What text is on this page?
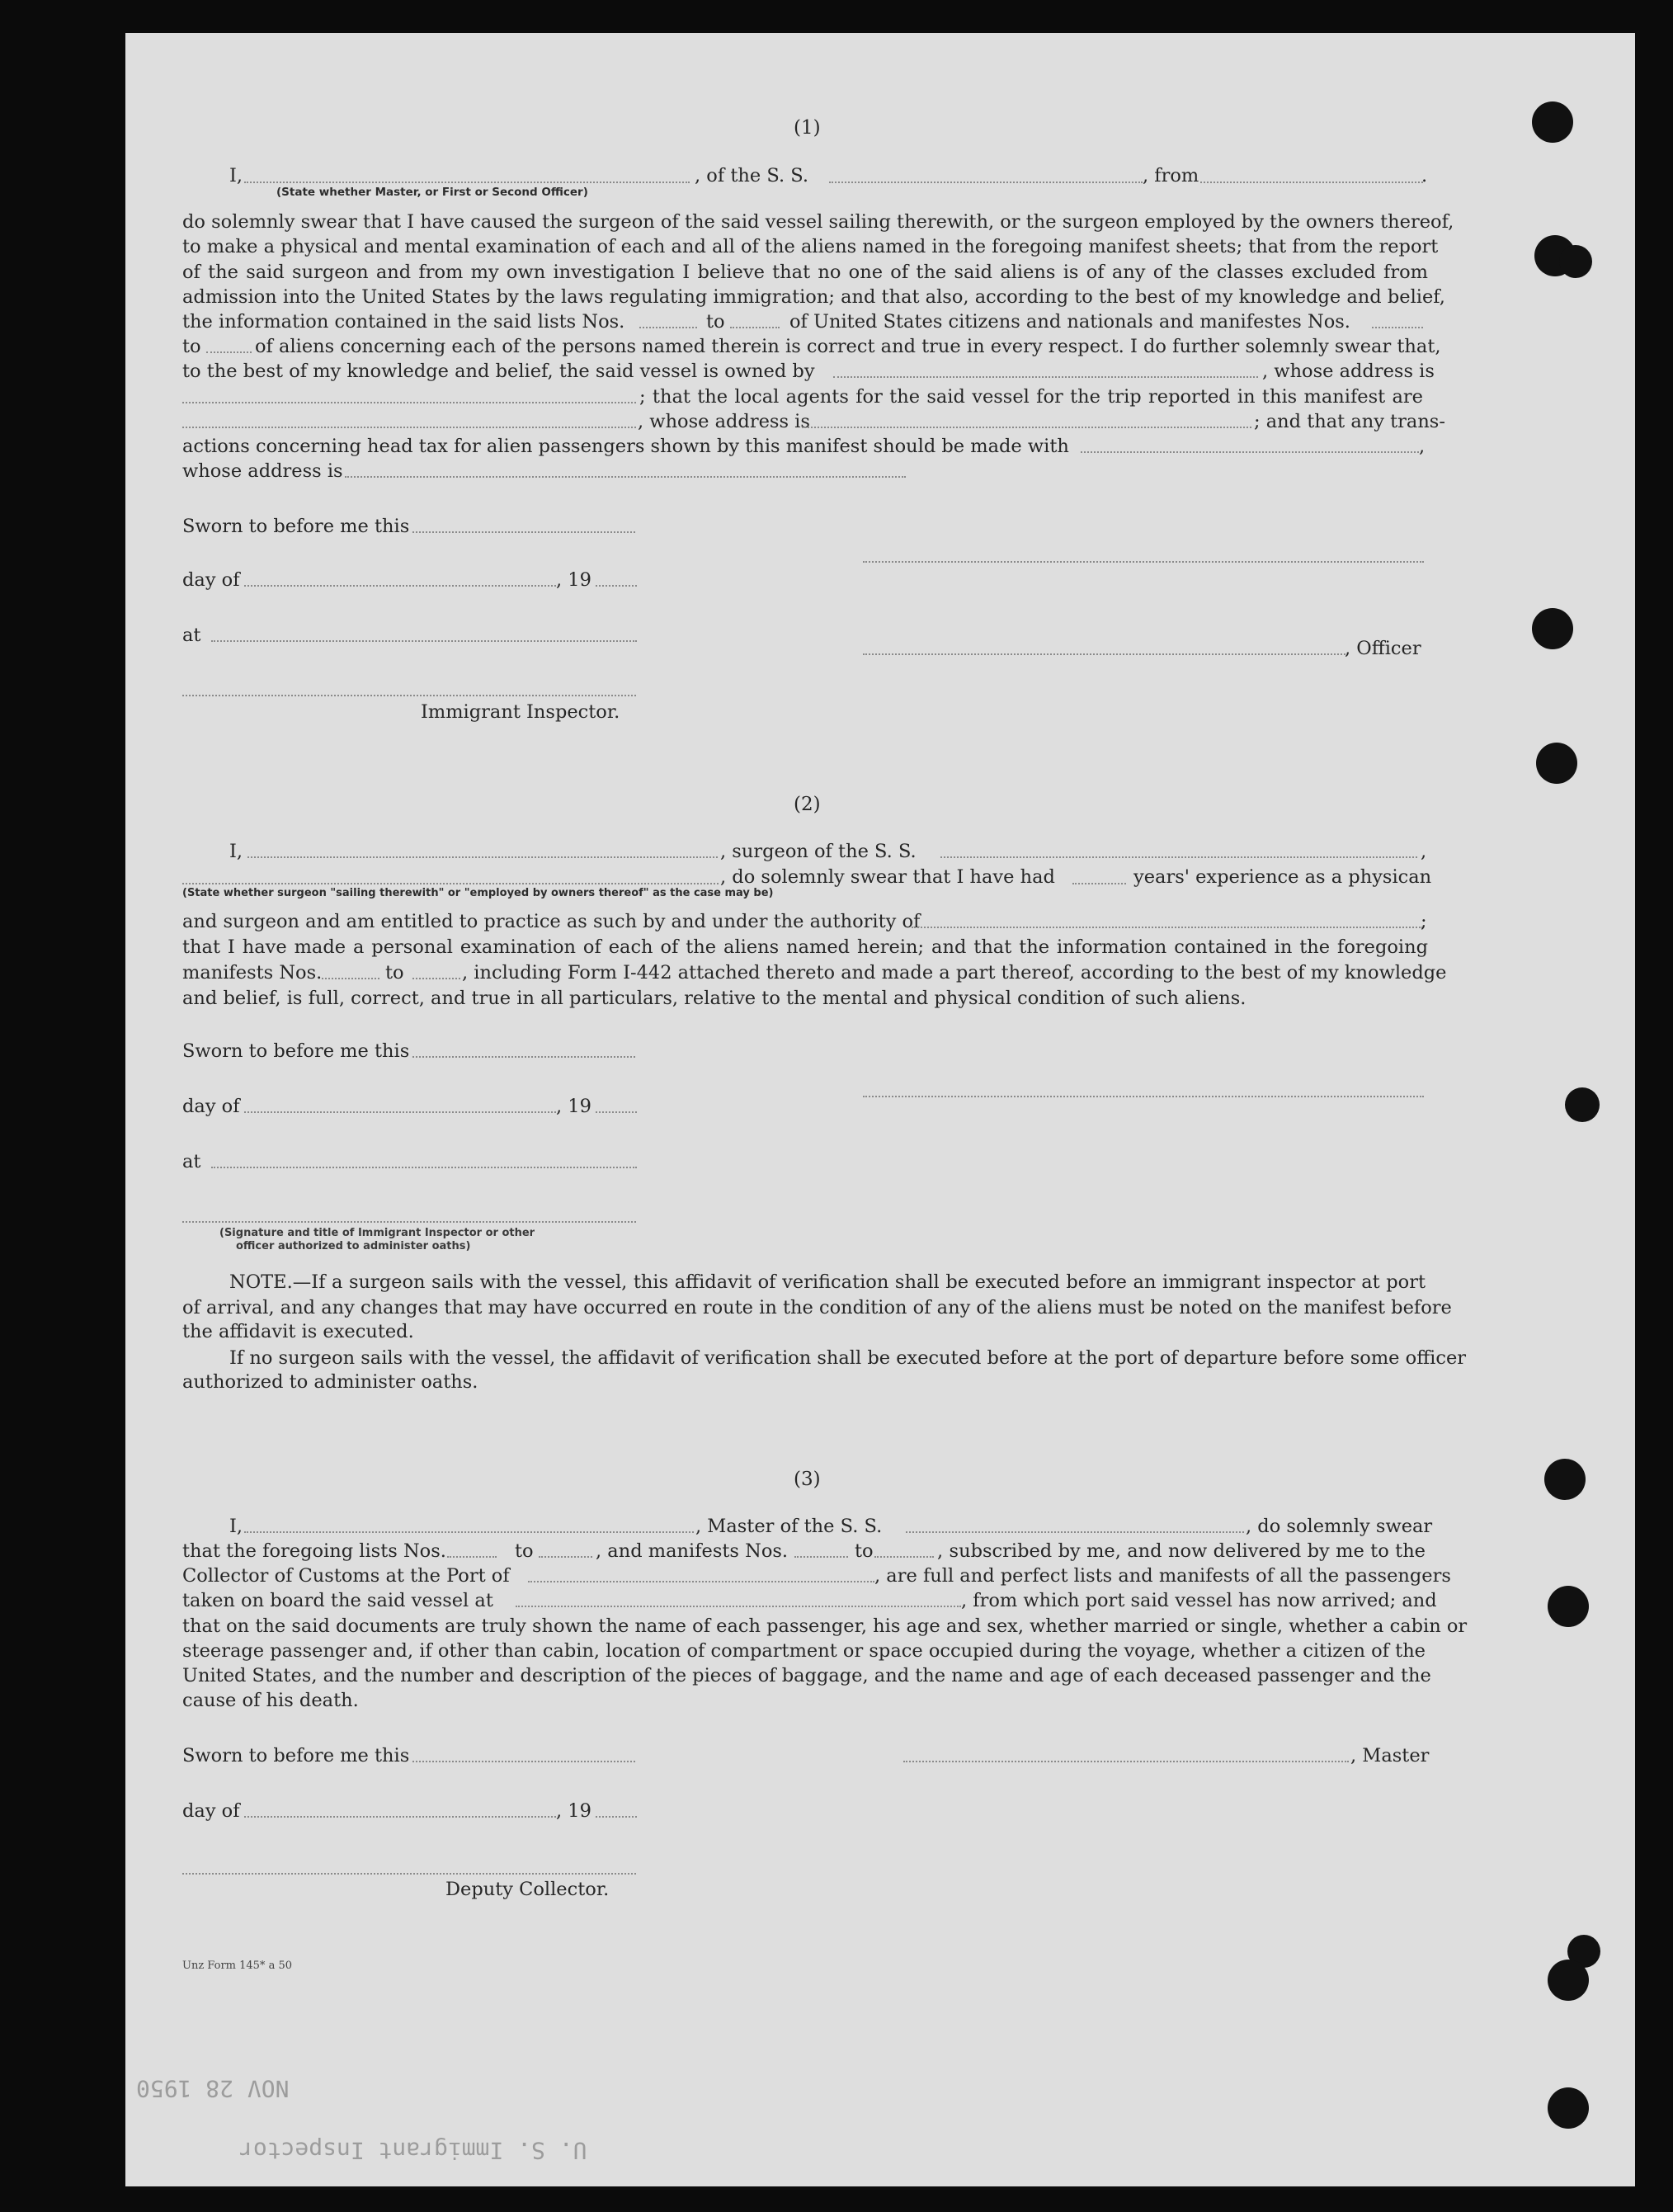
(1)
I,	, of the S. S.	, from	.
(State whether Master, or First or Second Officer)
do solemnly swear that I have caused the surgeon of the said vessel sailing therewith, or the surgeon employed by the owners thereof,
to make a physical and mental examination of each and all of the aliens named in the foregoing manifest sheets; that from the report
of the said surgeon and from my own investigation I believe that no one of the said aliens is of any of the classes excluded from
admission into the United States by the laws regulating immigration; and that also, according to the best of my knowledge and belief,
the information contained in the said lists Nos.	to	of United States citizens and nationals and manifestes Nos.
to	of aliens concerning each of the persons named therein is correct and true in every respect. I do further solemnly swear that,
to the best of my knowledge and belief, the said vessel is owned by	, whose address is
; that the local agents for the said vessel for the trip reported in this manifest are
, whose address is	; and that any trans-
actions concerning head tax for alien passengers shown by this manifest should be made with	,
whose address is
Sworn to before me this
day of	, 19
at
, Officer
Immigrant Inspector.
(2)
I,	, surgeon of the S. S.	,
, do solemnly swear that I have had	years' experience as a physican
(State whether surgeon "sailing therewith" or "employed by owners thereof" as the case may be)
and surgeon and am entitled to practice as such by and under the authority of	;
that I have made a personal examination of each of the aliens named herein; and that the information contained in the foregoing
manifests Nos.	to	, including Form I-442 attached thereto and made a part thereof, according to the best of my knowledge
and belief, is full, correct, and true in all particulars, relative to the mental and physical condition of such aliens.
Sworn to before me this
day of	, 19
at
(Signature and title of Immigrant Inspector or other
officer authorized to administer oaths)
NOTE.—If a surgeon sails with the vessel, this affidavit of verification shall be executed before an immigrant inspector at port
of arrival, and any changes that may have occurred en route in the condition of any of the aliens must be noted on the manifest before
the affidavit is executed.
If no surgeon sails with the vessel, the affidavit of verification shall be executed before at the port of departure before some officer
authorized to administer oaths.
(3)
I,	, Master of the S. S.	, do solemnly swear
that the foregoing lists Nos.	to	, and manifests Nos.	to	, subscribed by me, and now delivered by me to the
Collector of Customs at the Port of	, are full and perfect lists and manifests of all the passengers
taken on board the said vessel at	, from which port said vessel has now arrived; and
that on the said documents are truly shown the name of each passenger, his age and sex, whether married or single, whether a cabin or
steerage passenger and, if other than cabin, location of compartment or space occupied during the voyage, whether a citizen of the
United States, and the number and description of the pieces of baggage, and the name and age of each deceased passenger and the
cause of his death.
Sworn to before me this	, Master
day of	, 19
Deputy Collector.
Unz Form 145* a 50
NOV 28 1950
U. S. Immigrant Inspector
